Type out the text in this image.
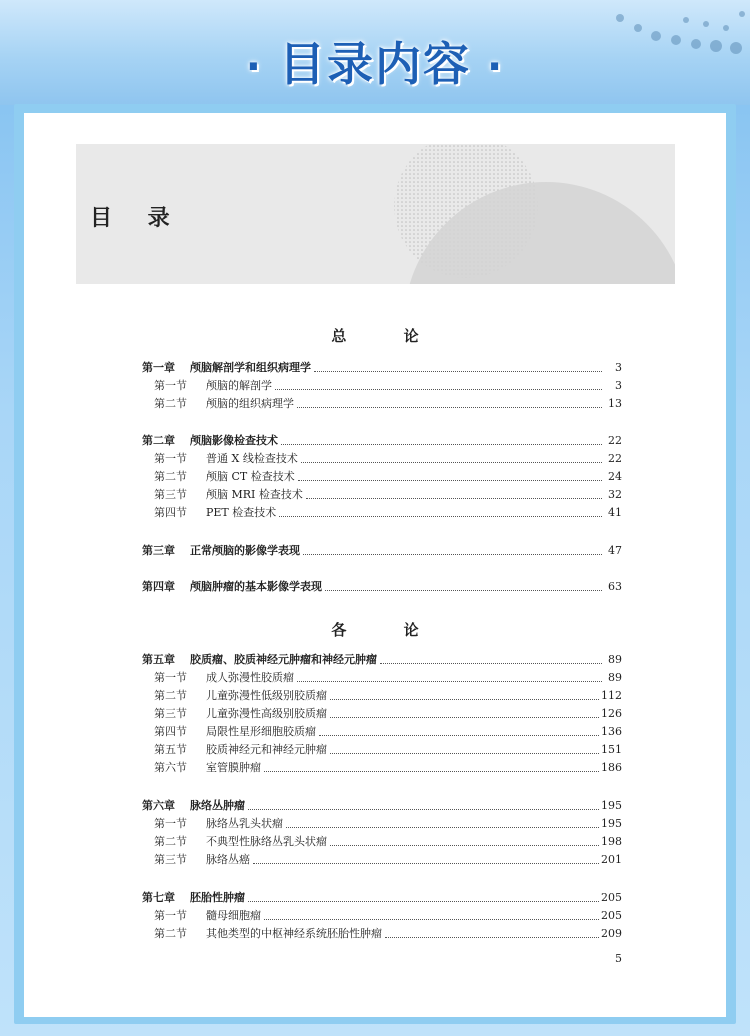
· 目录内容 ·
目 录
总 论
各 论
第一章	颅脑解剖学和组织病理学	3
第一节	颅脑的解剖学	3
第二节	颅脑的组织病理学	13
第二章	颅脑影像检查技术	22
第一节	普通 X 线检查技术	22
第二节	颅脑 CT 检查技术	24
第三节	颅脑 MRI 检查技术	32
第四节	PET 检查技术	41
第三章	正常颅脑的影像学表现	47
第四章	颅脑肿瘤的基本影像学表现	63
第五章	胶质瘤、胶质神经元肿瘤和神经元肿瘤	89
第一节	成人弥漫性胶质瘤	89
第二节	儿童弥漫性低级别胶质瘤	112
第三节	儿童弥漫性高级别胶质瘤	126
第四节	局限性星形细胞胶质瘤	136
第五节	胶质神经元和神经元肿瘤	151
第六节	室管膜肿瘤	186
第六章	脉络丛肿瘤	195
第一节	脉络丛乳头状瘤	195
第二节	不典型性脉络丛乳头状瘤	198
第三节	脉络丛癌	201
第七章	胚胎性肿瘤	205
第一节	髓母细胞瘤	205
第二节	其他类型的中枢神经系统胚胎性肿瘤	209
5
